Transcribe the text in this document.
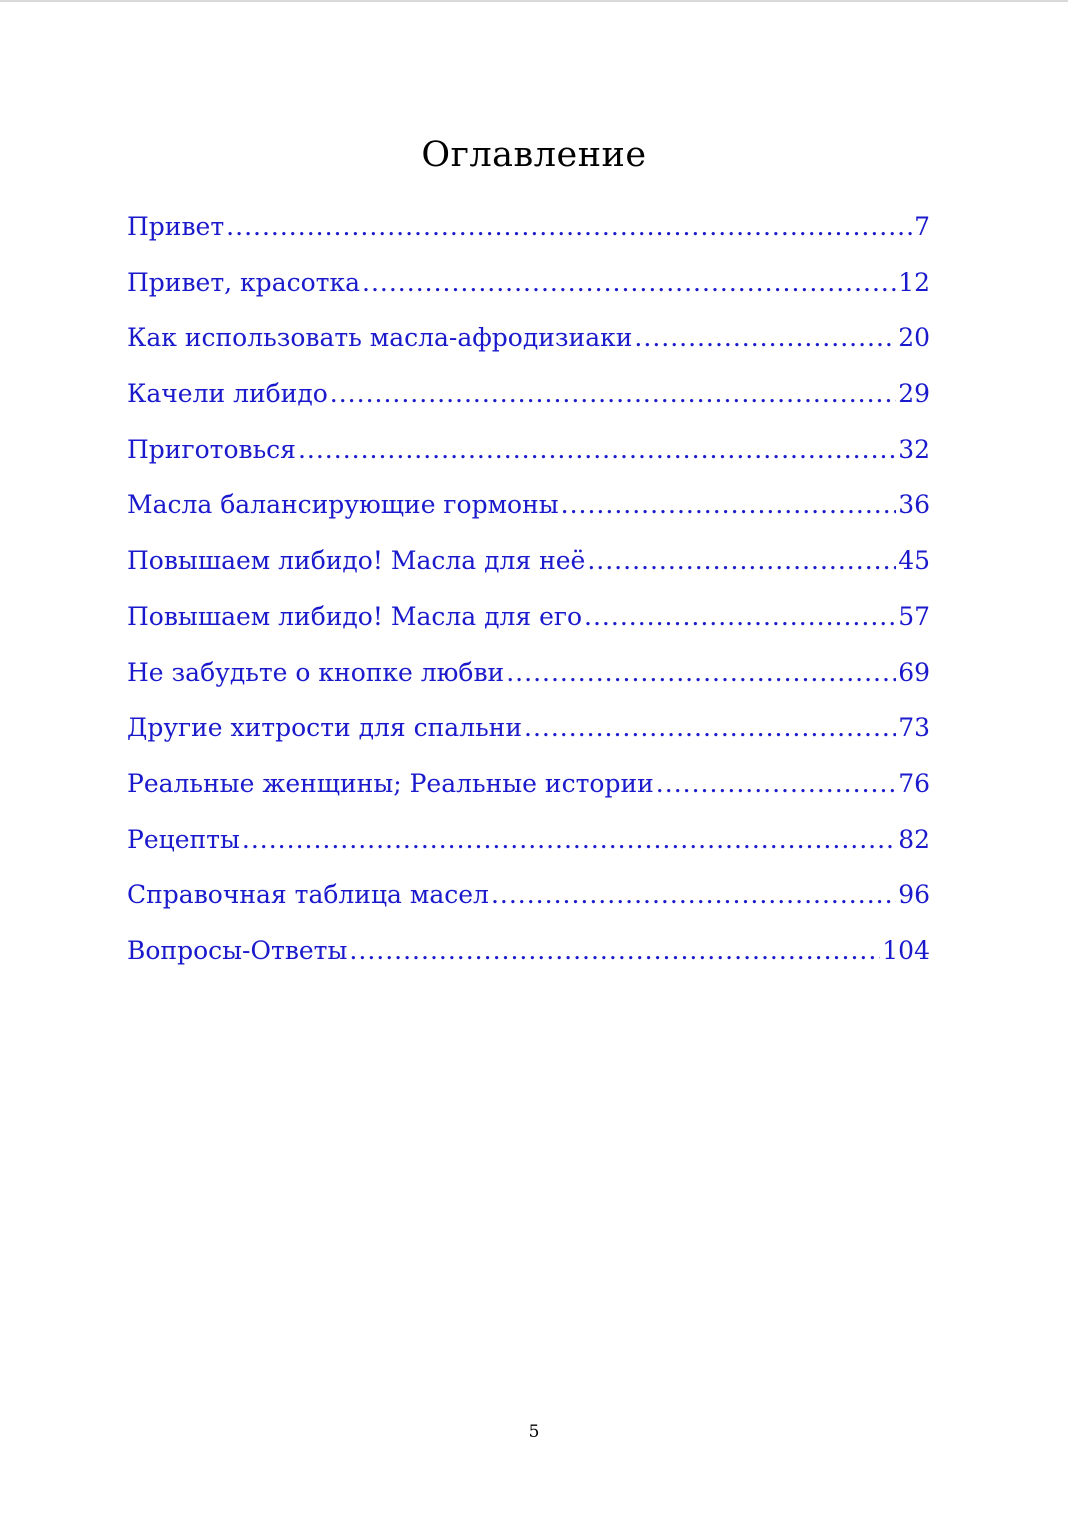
Оглавление
Привет .....	7
Привет, красотка .....	12
Как использовать масла-афродизиаки .....	20
Качели либидо .....	29
Приготовься .....	32
Масла балансирующие гормоны .....	36
Повышаем либидо! Масла для неё .....	45
Повышаем либидо! Масла для его .....	57
Не забудьте о кнопке любви .....	69
Другие хитрости для спальни .....	73
Реальные женщины; Реальные истории .....	76
Рецепты .....	82
Справочная таблица масел .....	96
Вопросы-Ответы .....	104
5
